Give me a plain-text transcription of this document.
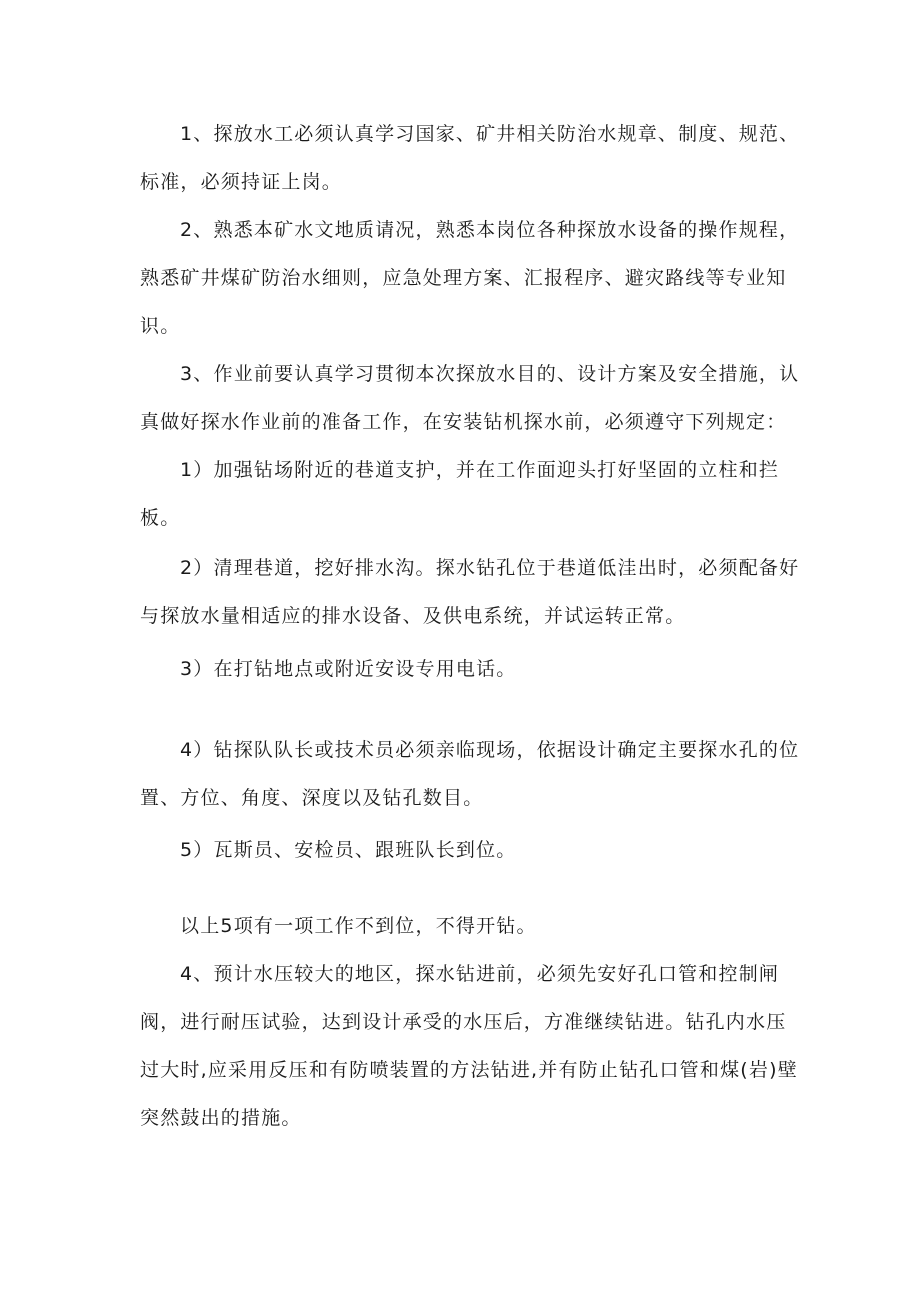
1、探放水工必须认真学习国家、矿井相关防治水规章、制度、规范、标准，必须持证上岗。

2、熟悉本矿水文地质请况，熟悉本岗位各种探放水设备的操作规程，熟悉矿井煤矿防治水细则，应急处理方案、汇报程序、避灾路线等专业知识。

3、作业前要认真学习贯彻本次探放水目的、设计方案及安全措施，认真做好探水作业前的准备工作，在安装钻机探水前，必须遵守下列规定：

1）加强钻场附近的巷道支护，并在工作面迎头打好坚固的立柱和拦板。

2）清理巷道，挖好排水沟。探水钻孔位于巷道低洼出时，必须配备好与探放水量相适应的排水设备、及供电系统，并试运转正常。

3）在打钻地点或附近安设专用电话。

4）钻探队队长或技术员必须亲临现场，依据设计确定主要探水孔的位置、方位、角度、深度以及钻孔数目。

5）瓦斯员、安检员、跟班队长到位。

以上5项有一项工作不到位，不得开钻。

4、预计水压较大的地区，探水钻进前，必须先安好孔口管和控制闸阀，进行耐压试验，达到设计承受的水压后，方准继续钻进。钻孔内水压过大时,应采用反压和有防喷装置的方法钻进,并有防止钻孔口管和煤(岩)壁突然鼓出的措施。
